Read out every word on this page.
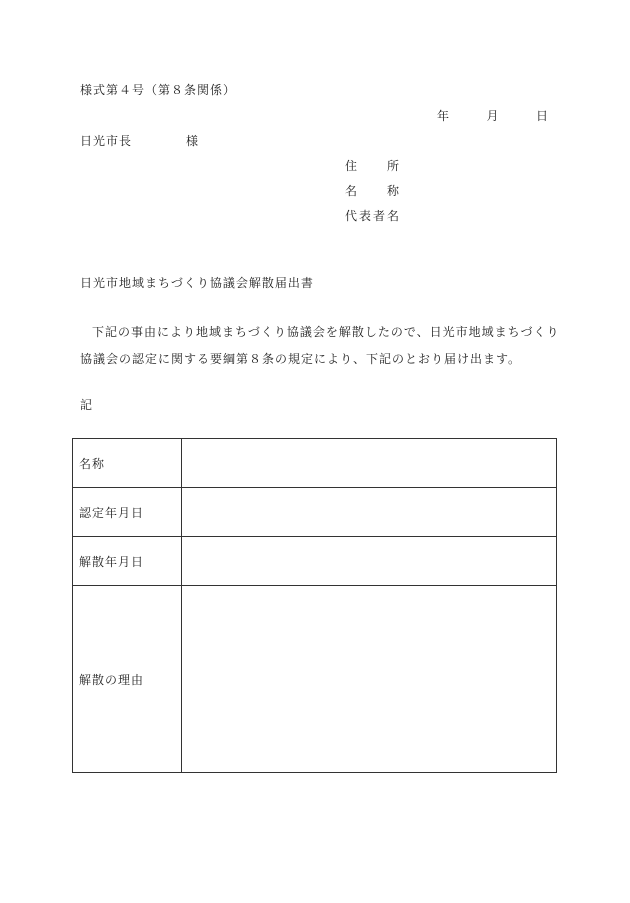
様式第４号（第８条関係）
年	月	日
日光市長	様
住　所
名　称
代表者名
日光市地域まちづくり協議会解散届出書
下記の事由により地域まちづくり協議会を解散したので、日光市地域まちづくり
協議会の認定に関する要綱第８条の規定により、下記のとおり届け出ます。
記
名称	
認定年月日	
解散年月日	
解散の理由	
